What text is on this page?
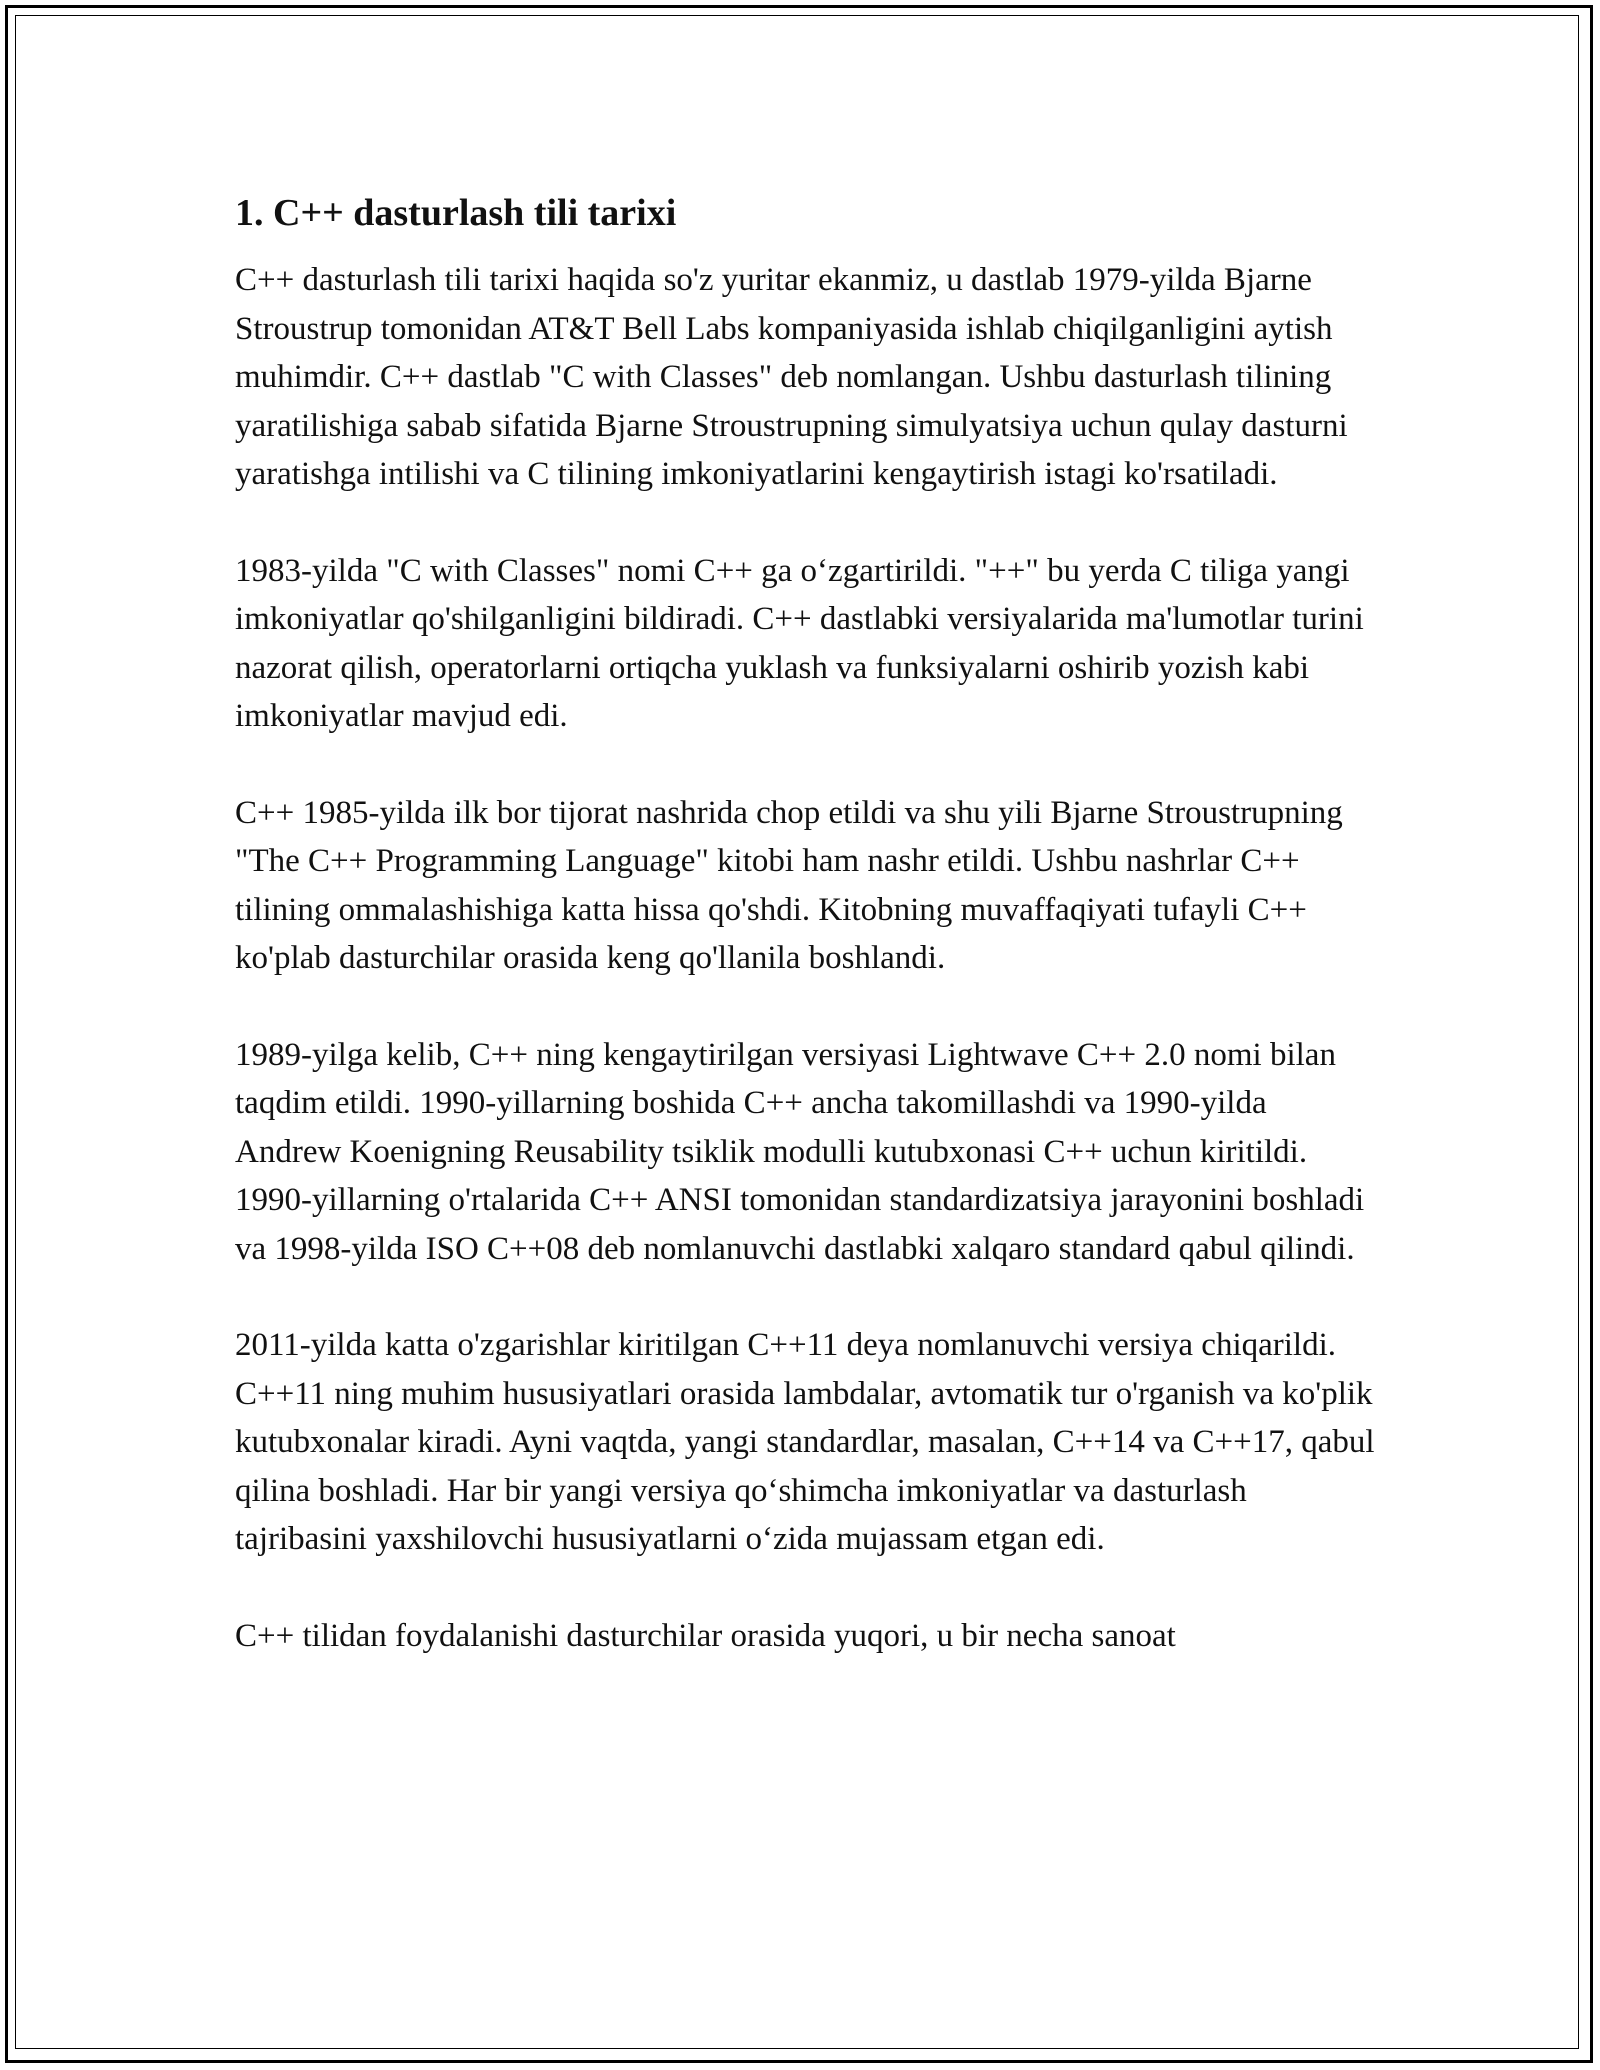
1. C++ dasturlash tili tarixi

C++ dasturlash tili tarixi haqida so'z yuritar ekanmiz, u dastlab 1979-yilda Bjarne Stroustrup tomonidan AT&T Bell Labs kompaniyasida ishlab chiqilganligini aytish muhimdir. C++ dastlab "C with Classes" deb nomlangan. Ushbu dasturlash tilining yaratilishiga sabab sifatida Bjarne Stroustrupning simulyatsiya uchun qulay dasturni yaratishga intilishi va C tilining imkoniyatlarini kengaytirish istagi ko'rsatiladi.

1983-yilda "C with Classes" nomi C++ ga o‘zgartirildi. "++" bu yerda C tiliga yangi imkoniyatlar qo'shilganligini bildiradi. C++ dastlabki versiyalarida ma'lumotlar turini nazorat qilish, operatorlarni ortiqcha yuklash va funksiyalarni oshirib yozish kabi imkoniyatlar mavjud edi.

C++ 1985-yilda ilk bor tijorat nashrida chop etildi va shu yili Bjarne Stroustrupning "The C++ Programming Language" kitobi ham nashr etildi. Ushbu nashrlar C++ tilining ommalashishiga katta hissa qo'shdi. Kitobning muvaffaqiyati tufayli C++ ko'plab dasturchilar orasida keng qo'llanila boshlandi.

1989-yilga kelib, C++ ning kengaytirilgan versiyasi Lightwave C++ 2.0 nomi bilan taqdim etildi. 1990-yillarning boshida C++ ancha takomillashdi va 1990-yilda Andrew Koenigning Reusability tsiklik modulli kutubxonasi C++ uchun kiritildi. 1990-yillarning o'rtalarida C++ ANSI tomonidan standardizatsiya jarayonini boshladi va 1998-yilda ISO C++08 deb nomlanuvchi dastlabki xalqaro standard qabul qilindi.

2011-yilda katta o'zgarishlar kiritilgan C++11 deya nomlanuvchi versiya chiqarildi. C++11 ning muhim hususiyatlari orasida lambdalar, avtomatik tur o'rganish va ko'plik kutubxonalar kiradi. Ayni vaqtda, yangi standardlar, masalan, C++14 va C++17, qabul qilina boshladi. Har bir yangi versiya qo‘shimcha imkoniyatlar va dasturlash tajribasini yaxshilovchi hususiyatlarni o‘zida mujassam etgan edi.

C++ tilidan foydalanishi dasturchilar orasida yuqori, u bir necha sanoat
